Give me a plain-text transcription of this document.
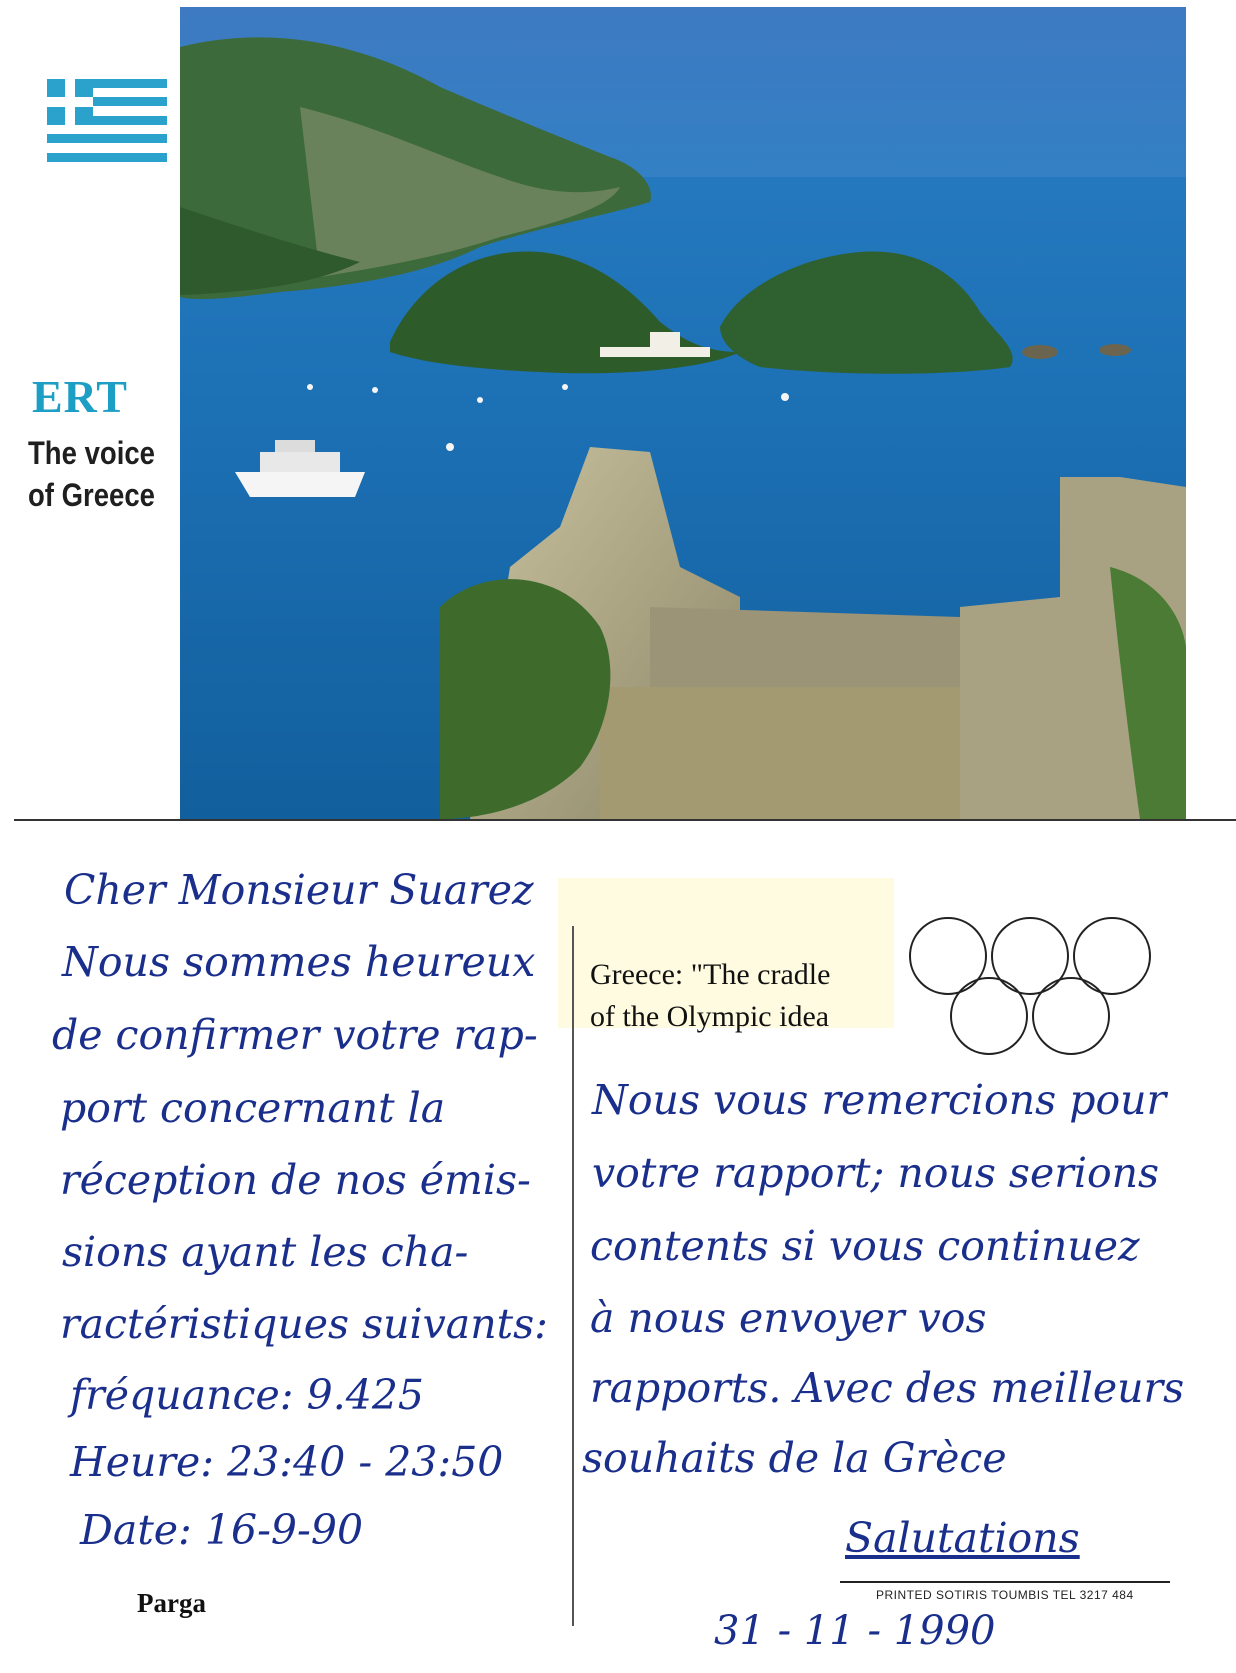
ERT
The voice
of Greece
Greece: "The cradle
of the Olympic idea
Cher Monsieur Suarez
Nous sommes heureux
de confirmer votre rap-
port concernant la
réception de nos émis-
sions ayant les cha-
ractéristiques suivants:
fréquance: 9.425
Heure: 23:40 - 23:50
Date: 16-9-90
Nous vous remercions pour
votre rapport; nous serions
contents si vous continuez
à nous envoyer vos
rapports. Avec des meilleurs
souhaits de la Grèce
Salutations
PRINTED SOTIRIS TOUMBIS TEL 3217 484
Parga
31 - 11 - 1990
